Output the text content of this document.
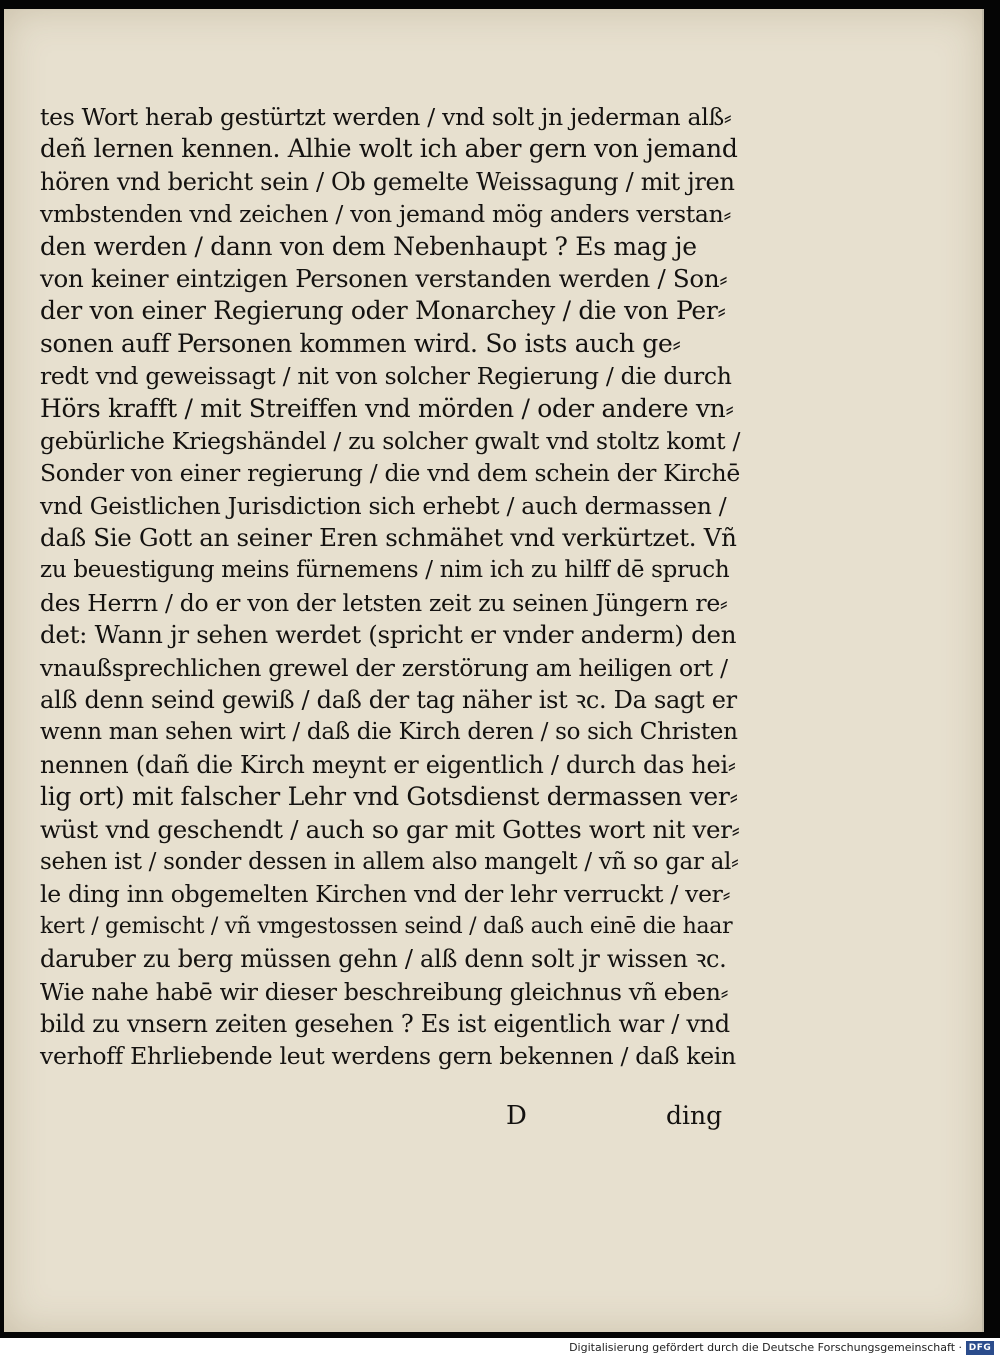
tes Wort herab gestürtzt werden / vnd solt jn jederman alß⸗
deñ lernen kennen. Alhie wolt ich aber gern von jemand
hören vnd bericht sein / Ob gemelte Weissagung / mit jren
vmbstenden vnd zeichen / von jemand mög anders verstan⸗
den werden / dann von dem Nebenhaupt ? Es mag je
von keiner eintzigen Personen verstanden werden / Son⸗
der von einer Regierung oder Monarchey / die von Per⸗
sonen auff Personen kommen wird. So ists auch ge⸗
redt vnd geweissagt / nit von solcher Regierung / die durch
Hörs krafft / mit Streiffen vnd mörden / oder andere vn⸗
gebürliche Kriegshändel / zu solcher gwalt vnd stoltz komt /
Sonder von einer regierung / die vnd dem schein der Kirchē
vnd Geistlichen Jurisdiction sich erhebt / auch dermassen /
daß Sie Gott an seiner Eren schmähet vnd verkürtzet. Vñ
zu beuestigung meins fürnemens / nim ich zu hilff dē spruch
des Herrn / do er von der letsten zeit zu seinen Jüngern re⸗
det: Wann jr sehen werdet (spricht er vnder anderm) den
vnaußsprechlichen grewel der zerstörung am heiligen ort /
alß denn seind gewiß / daß der tag näher ist ꝛc. Da sagt er
wenn man sehen wirt / daß die Kirch deren / so sich Christen
nennen (dañ die Kirch meynt er eigentlich / durch das hei⸗
lig ort) mit falscher Lehr vnd Gotsdienst dermassen ver⸗
wüst vnd geschendt / auch so gar mit Gottes wort nit ver⸗
sehen ist / sonder dessen in allem also mangelt / vñ so gar al⸗
le ding inn obgemelten Kirchen vnd der lehr verruckt / ver⸗
kert / gemischt / vñ vmgestossen seind / daß auch einē die haar
daruber zu berg müssen gehn / alß denn solt jr wissen ꝛc.
Wie nahe habē wir dieser beschreibung gleichnus vñ eben⸗
bild zu vnsern zeiten gesehen ? Es ist eigentlich war / vnd
verhoff Ehrliebende leut werdens gern bekennen / daß kein
D	ding
Digitalisierung gefördert durch die Deutsche Forschungsgemeinschaft · DFG
